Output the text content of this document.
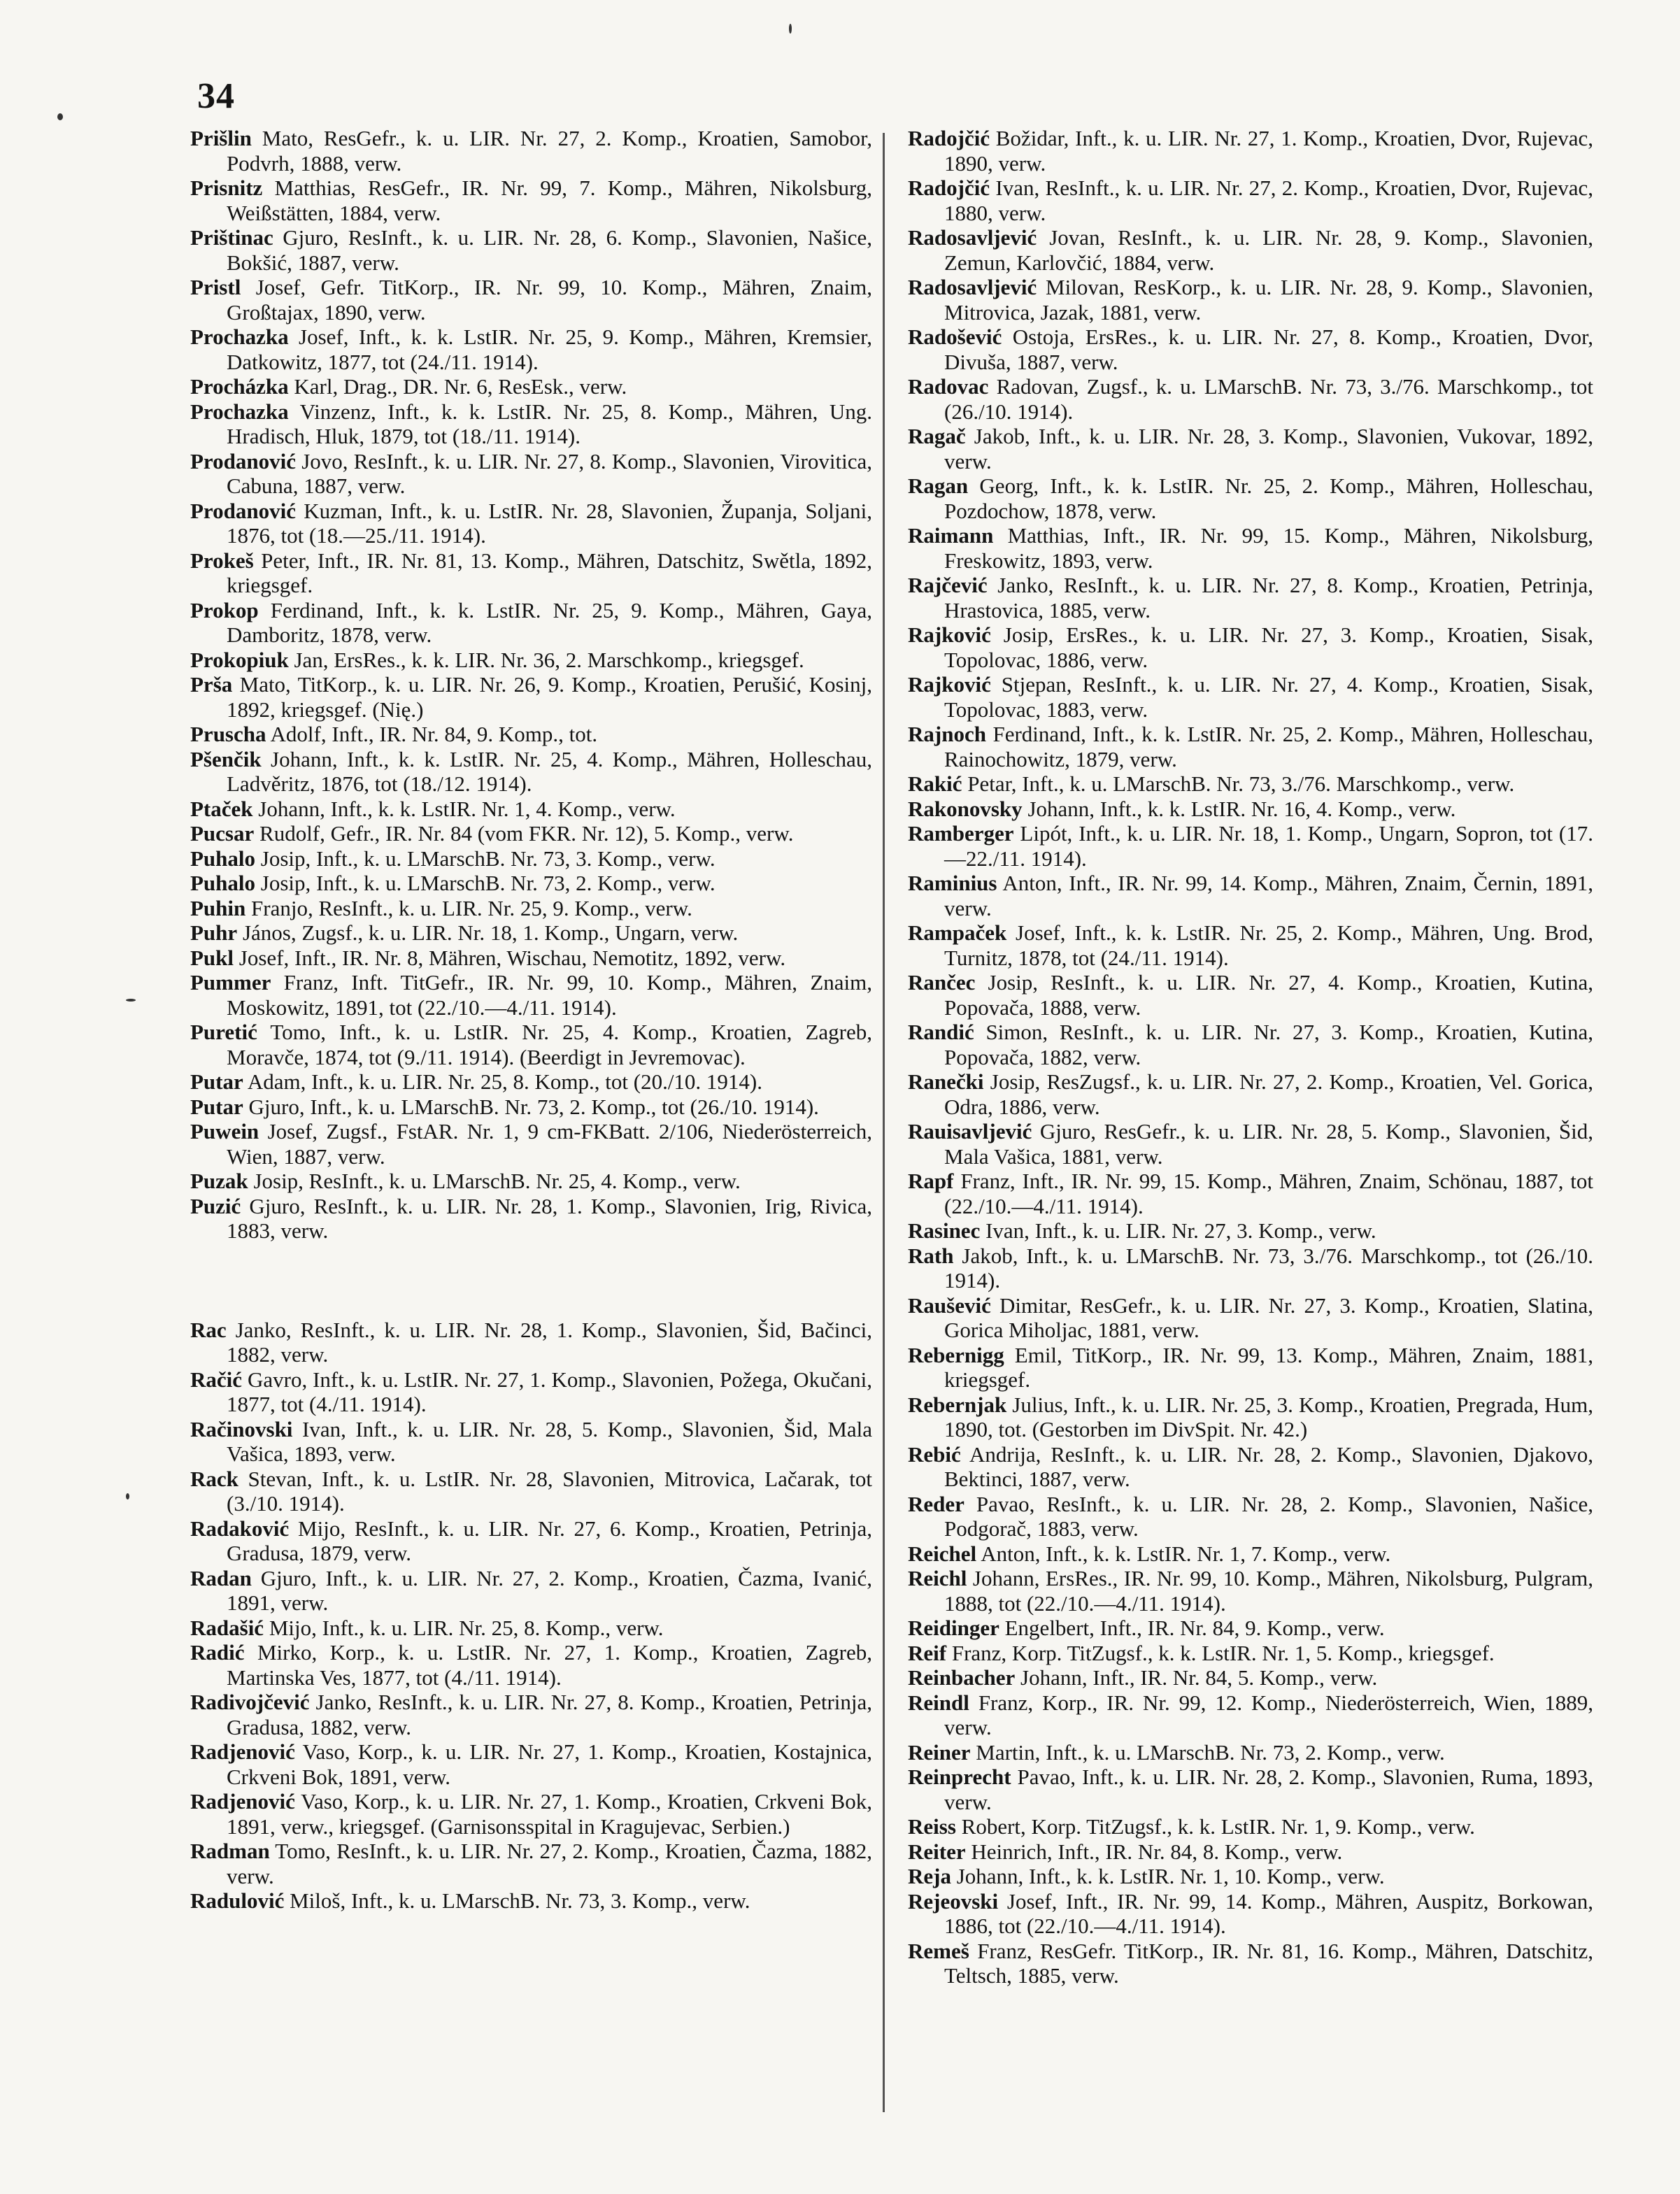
34

Prišlin Mato, ResGefr., k. u. LIR. Nr. 27, 2. Komp., Kroatien, Samobor, Podvrh, 1888, verw.

Prisnitz Matthias, ResGefr., IR. Nr. 99, 7. Komp., Mähren, Nikolsburg, Weißstätten, 1884, verw.

Prištinac Gjuro, ResInft., k. u. LIR. Nr. 28, 6. Komp., Slavonien, Našice, Bokšić, 1887, verw.

Pristl Josef, Gefr. TitKorp., IR. Nr. 99, 10. Komp., Mähren, Znaim, Großtajax, 1890, verw.

Prochazka Josef, Inft., k. k. LstIR. Nr. 25, 9. Komp., Mähren, Kremsier, Datkowitz, 1877, tot (24./11. 1914).

Procházka Karl, Drag., DR. Nr. 6, ResEsk., verw.

Prochazka Vinzenz, Inft., k. k. LstIR. Nr. 25, 8. Komp., Mähren, Ung. Hradisch, Hluk, 1879, tot (18./11. 1914).

Prodanović Jovo, ResInft., k. u. LIR. Nr. 27, 8. Komp., Slavonien, Virovitica, Cabuna, 1887, verw.

Prodanović Kuzman, Inft., k. u. LstIR. Nr. 28, Slavonien, Županja, Soljani, 1876, tot (18.—25./11. 1914).

Prokeš Peter, Inft., IR. Nr. 81, 13. Komp., Mähren, Datschitz, Swětla, 1892, kriegsgef.

Prokop Ferdinand, Inft., k. k. LstIR. Nr. 25, 9. Komp., Mähren, Gaya, Damboritz, 1878, verw.

Prokopiuk Jan, ErsRes., k. k. LIR. Nr. 36, 2. Marschkomp., kriegsgef.

Prša Mato, TitKorp., k. u. LIR. Nr. 26, 9. Komp., Kroatien, Perušić, Kosinj, 1892, kriegsgef. (Nię.)

Pruscha Adolf, Inft., IR. Nr. 84, 9. Komp., tot.

Pšenčik Johann, Inft., k. k. LstIR. Nr. 25, 4. Komp., Mähren, Holleschau, Ladvěritz, 1876, tot (18./12. 1914).

Ptaček Johann, Inft., k. k. LstIR. Nr. 1, 4. Komp., verw.

Pucsar Rudolf, Gefr., IR. Nr. 84 (vom FKR. Nr. 12), 5. Komp., verw.

Puhalo Josip, Inft., k. u. LMarschB. Nr. 73, 3. Komp., verw.

Puhalo Josip, Inft., k. u. LMarschB. Nr. 73, 2. Komp., verw.

Puhin Franjo, ResInft., k. u. LIR. Nr. 25, 9. Komp., verw.

Puhr János, Zugsf., k. u. LIR. Nr. 18, 1. Komp., Ungarn, verw.

Pukl Josef, Inft., IR. Nr. 8, Mähren, Wischau, Nemotitz, 1892, verw.

Pummer Franz, Inft. TitGefr., IR. Nr. 99, 10. Komp., Mähren, Znaim, Moskowitz, 1891, tot (22./10.—4./11. 1914).

Puretić Tomo, Inft., k. u. LstIR. Nr. 25, 4. Komp., Kroatien, Zagreb, Moravče, 1874, tot (9./11. 1914). (Beerdigt in Jevremovac).

Putar Adam, Inft., k. u. LIR. Nr. 25, 8. Komp., tot (20./10. 1914).

Putar Gjuro, Inft., k. u. LMarschB. Nr. 73, 2. Komp., tot (26./10. 1914).

Puwein Josef, Zugsf., FstAR. Nr. 1, 9 cm-FKBatt. 2/106, Niederösterreich, Wien, 1887, verw.

Puzak Josip, ResInft., k. u. LMarschB. Nr. 25, 4. Komp., verw.

Puzić Gjuro, ResInft., k. u. LIR. Nr. 28, 1. Komp., Slavonien, Irig, Rivica, 1883, verw.

Rac Janko, ResInft., k. u. LIR. Nr. 28, 1. Komp., Slavonien, Šid, Bačinci, 1882, verw.

Račić Gavro, Inft., k. u. LstIR. Nr. 27, 1. Komp., Slavonien, Požega, Okučani, 1877, tot (4./11. 1914).

Račinovski Ivan, Inft., k. u. LIR. Nr. 28, 5. Komp., Slavonien, Šid, Mala Vašica, 1893, verw.

Rack Stevan, Inft., k. u. LstIR. Nr. 28, Slavonien, Mitrovica, Lačarak, tot (3./10. 1914).

Radaković Mijo, ResInft., k. u. LIR. Nr. 27, 6. Komp., Kroatien, Petrinja, Gradusa, 1879, verw.

Radan Gjuro, Inft., k. u. LIR. Nr. 27, 2. Komp., Kroatien, Čazma, Ivanić, 1891, verw.

Radašić Mijo, Inft., k. u. LIR. Nr. 25, 8. Komp., verw.

Radić Mirko, Korp., k. u. LstIR. Nr. 27, 1. Komp., Kroatien, Zagreb, Martinska Ves, 1877, tot (4./11. 1914).

Radivojčević Janko, ResInft., k. u. LIR. Nr. 27, 8. Komp., Kroatien, Petrinja, Gradusa, 1882, verw.

Radjenović Vaso, Korp., k. u. LIR. Nr. 27, 1. Komp., Kroatien, Kostajnica, Crkveni Bok, 1891, verw.

Radjenović Vaso, Korp., k. u. LIR. Nr. 27, 1. Komp., Kroatien, Crkveni Bok, 1891, verw., kriegsgef. (Garnisonsspital in Kragujevac, Serbien.)

Radman Tomo, ResInft., k. u. LIR. Nr. 27, 2. Komp., Kroatien, Čazma, 1882, verw.

Radulović Miloš, Inft., k. u. LMarschB. Nr. 73, 3. Komp., verw.

Radojčić Božidar, Inft., k. u. LIR. Nr. 27, 1. Komp., Kroatien, Dvor, Rujevac, 1890, verw.

Radojčić Ivan, ResInft., k. u. LIR. Nr. 27, 2. Komp., Kroatien, Dvor, Rujevac, 1880, verw.

Radosavljević Jovan, ResInft., k. u. LIR. Nr. 28, 9. Komp., Slavonien, Zemun, Karlovčić, 1884, verw.

Radosavljević Milovan, ResKorp., k. u. LIR. Nr. 28, 9. Komp., Slavonien, Mitrovica, Jazak, 1881, verw.

Radošević Ostoja, ErsRes., k. u. LIR. Nr. 27, 8. Komp., Kroatien, Dvor, Divuša, 1887, verw.

Radovac Radovan, Zugsf., k. u. LMarschB. Nr. 73, 3./76. Marschkomp., tot (26./10. 1914).

Ragač Jakob, Inft., k. u. LIR. Nr. 28, 3. Komp., Slavonien, Vukovar, 1892, verw.

Ragan Georg, Inft., k. k. LstIR. Nr. 25, 2. Komp., Mähren, Holleschau, Pozdochow, 1878, verw.

Raimann Matthias, Inft., IR. Nr. 99, 15. Komp., Mähren, Nikolsburg, Freskowitz, 1893, verw.

Rajčević Janko, ResInft., k. u. LIR. Nr. 27, 8. Komp., Kroatien, Petrinja, Hrastovica, 1885, verw.

Rajković Josip, ErsRes., k. u. LIR. Nr. 27, 3. Komp., Kroatien, Sisak, Topolovac, 1886, verw.

Rajković Stjepan, ResInft., k. u. LIR. Nr. 27, 4. Komp., Kroatien, Sisak, Topolovac, 1883, verw.

Rajnoch Ferdinand, Inft., k. k. LstIR. Nr. 25, 2. Komp., Mähren, Holleschau, Rainochowitz, 1879, verw.

Rakić Petar, Inft., k. u. LMarschB. Nr. 73, 3./76. Marschkomp., verw.

Rakonovsky Johann, Inft., k. k. LstIR. Nr. 16, 4. Komp., verw.

Ramberger Lipót, Inft., k. u. LIR. Nr. 18, 1. Komp., Ungarn, Sopron, tot (17.—22./11. 1914).

Raminius Anton, Inft., IR. Nr. 99, 14. Komp., Mähren, Znaim, Černin, 1891, verw.

Rampaček Josef, Inft., k. k. LstIR. Nr. 25, 2. Komp., Mähren, Ung. Brod, Turnitz, 1878, tot (24./11. 1914).

Rančec Josip, ResInft., k. u. LIR. Nr. 27, 4. Komp., Kroatien, Kutina, Popovača, 1888, verw.

Randić Simon, ResInft., k. u. LIR. Nr. 27, 3. Komp., Kroatien, Kutina, Popovača, 1882, verw.

Ranečki Josip, ResZugsf., k. u. LIR. Nr. 27, 2. Komp., Kroatien, Vel. Gorica, Odra, 1886, verw.

Rauisavljević Gjuro, ResGefr., k. u. LIR. Nr. 28, 5. Komp., Slavonien, Šid, Mala Vašica, 1881, verw.

Rapf Franz, Inft., IR. Nr. 99, 15. Komp., Mähren, Znaim, Schönau, 1887, tot (22./10.—4./11. 1914).

Rasinec Ivan, Inft., k. u. LIR. Nr. 27, 3. Komp., verw.

Rath Jakob, Inft., k. u. LMarschB. Nr. 73, 3./76. Marschkomp., tot (26./10. 1914).

Raušević Dimitar, ResGefr., k. u. LIR. Nr. 27, 3. Komp., Kroatien, Slatina, Gorica Miholjac, 1881, verw.

Rebernigg Emil, TitKorp., IR. Nr. 99, 13. Komp., Mähren, Znaim, 1881, kriegsgef.

Rebernjak Julius, Inft., k. u. LIR. Nr. 25, 3. Komp., Kroatien, Pregrada, Hum, 1890, tot. (Gestorben im DivSpit. Nr. 42.)

Rebić Andrija, ResInft., k. u. LIR. Nr. 28, 2. Komp., Slavonien, Djakovo, Bektinci, 1887, verw.

Reder Pavao, ResInft., k. u. LIR. Nr. 28, 2. Komp., Slavonien, Našice, Podgorač, 1883, verw.

Reichel Anton, Inft., k. k. LstIR. Nr. 1, 7. Komp., verw.

Reichl Johann, ErsRes., IR. Nr. 99, 10. Komp., Mähren, Nikolsburg, Pulgram, 1888, tot (22./10.—4./11. 1914).

Reidinger Engelbert, Inft., IR. Nr. 84, 9. Komp., verw.

Reif Franz, Korp. TitZugsf., k. k. LstIR. Nr. 1, 5. Komp., kriegsgef.

Reinbacher Johann, Inft., IR. Nr. 84, 5. Komp., verw.

Reindl Franz, Korp., IR. Nr. 99, 12. Komp., Niederösterreich, Wien, 1889, verw.

Reiner Martin, Inft., k. u. LMarschB. Nr. 73, 2. Komp., verw.

Reinprecht Pavao, Inft., k. u. LIR. Nr. 28, 2. Komp., Slavonien, Ruma, 1893, verw.

Reiss Robert, Korp. TitZugsf., k. k. LstIR. Nr. 1, 9. Komp., verw.

Reiter Heinrich, Inft., IR. Nr. 84, 8. Komp., verw.

Reja Johann, Inft., k. k. LstIR. Nr. 1, 10. Komp., verw.

Rejeovski Josef, Inft., IR. Nr. 99, 14. Komp., Mähren, Auspitz, Borkowan, 1886, tot (22./10.—4./11. 1914).

Remeš Franz, ResGefr. TitKorp., IR. Nr. 81, 16. Komp., Mähren, Datschitz, Teltsch, 1885, verw.
